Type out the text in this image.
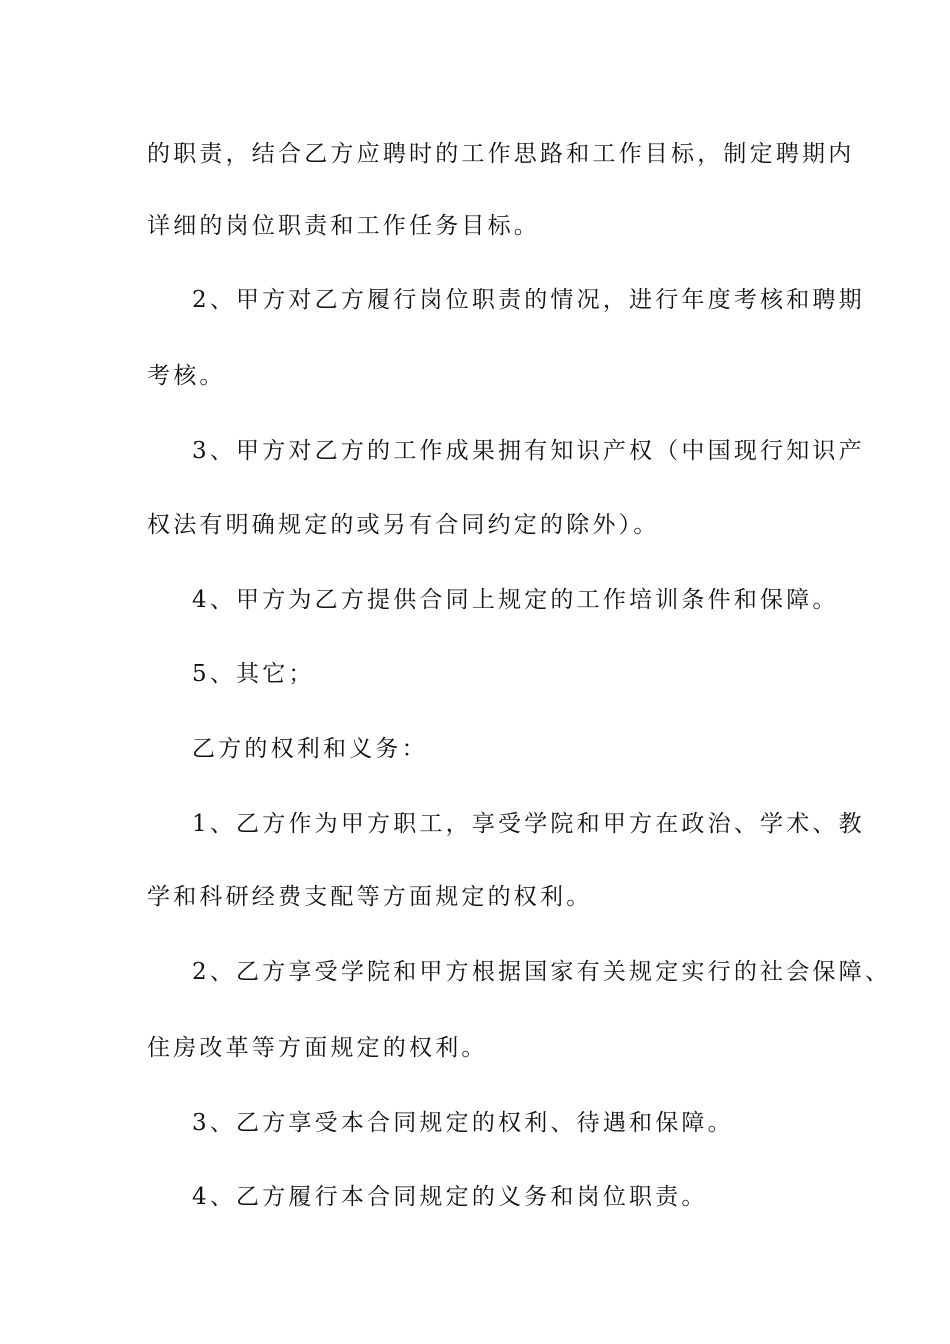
的职责，结合乙方应聘时的工作思路和工作目标，制定聘期内
详细的岗位职责和工作任务目标。
2、甲方对乙方履行岗位职责的情况，进行年度考核和聘期
考核。
3、甲方对乙方的工作成果拥有知识产权（中国现行知识产
权法有明确规定的或另有合同约定的除外）。
4、甲方为乙方提供合同上规定的工作培训条件和保障。
5、其它；
乙方的权利和义务：
1、乙方作为甲方职工，享受学院和甲方在政治、学术、教
学和科研经费支配等方面规定的权利。
2、乙方享受学院和甲方根据国家有关规定实行的社会保障、
住房改革等方面规定的权利。
3、乙方享受本合同规定的权利、待遇和保障。
4、乙方履行本合同规定的义务和岗位职责。
